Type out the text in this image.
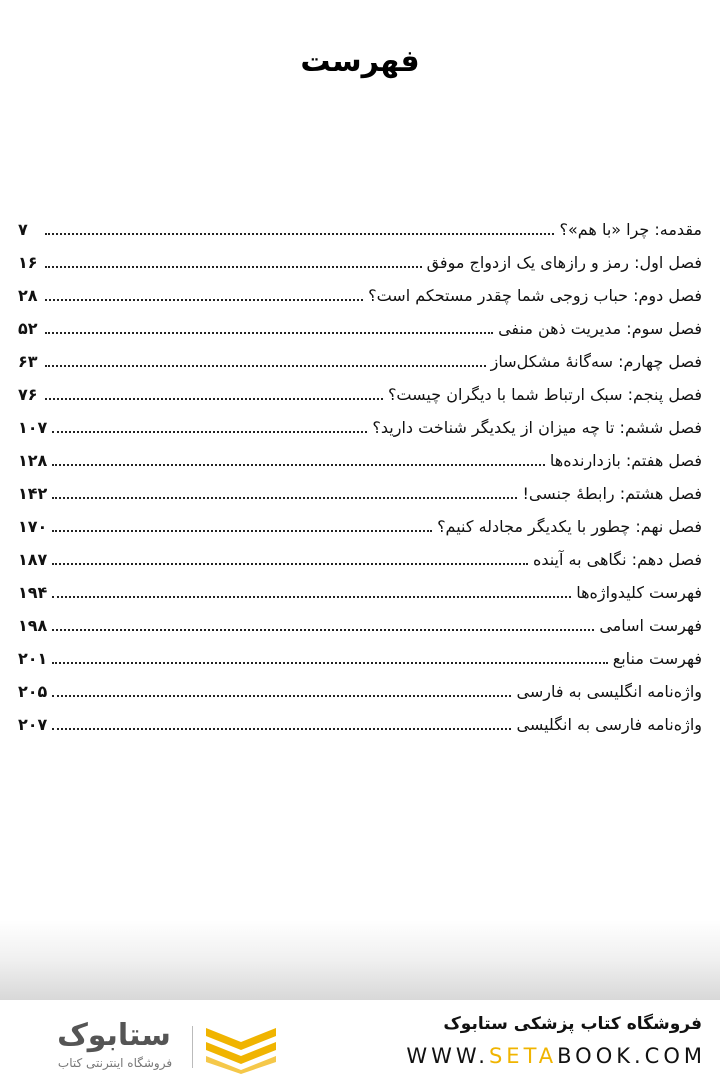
فهرست
مقدمه: چرا «با هم»؟
۷
فصل اول: رمز و رازهای یک ازدواج موفق
۱۶
فصل دوم: حباب زوجی شما چقدر مستحکم است؟
۲۸
فصل سوم: مدیریت ذهن منفی
۵۲
فصل چهارم: سه‌گانهٔ مشکل‌ساز
۶۳
فصل پنجم: سبک ارتباط شما با دیگران چیست؟
۷۶
فصل ششم: تا چه میزان از یکدیگر شناخت دارید؟
۱۰۷
فصل هفتم: بازدارنده‌ها
۱۲۸
فصل هشتم: رابطهٔ جنسی!
۱۴۲
فصل نهم: چطور با یکدیگر مجادله کنیم؟
۱۷۰
فصل دهم: نگاهی به آینده
۱۸۷
فهرست کلیدواژه‌ها
۱۹۴
فهرست اسامی
۱۹۸
فهرست منابع
۲۰۱
واژه‌نامه انگلیسی به فارسی
۲۰۵
واژه‌نامه فارسی به انگلیسی
۲۰۷
ستابوک
فروشگاه اینترنتی کتاب
فروشگاه کتاب پزشکی ستابوک
WWW.SETABOOK.COM
